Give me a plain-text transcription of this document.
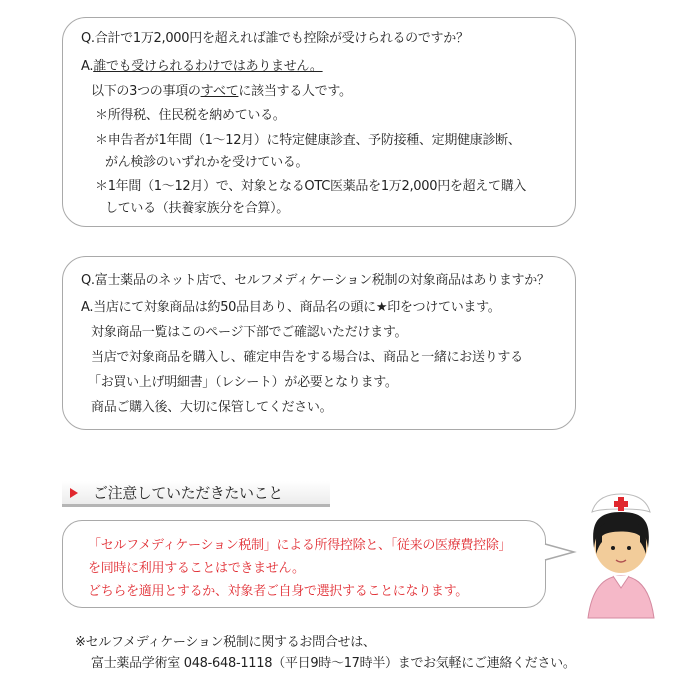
Q.合計で1万2,000円を超えれば誰でも控除が受けられるのですか？
A.誰でも受けられるわけではありません。
以下の3つの事項のすべてに該当する人です。
＊所得税、住民税を納めている。
＊申告者が1年間（1～12月）に特定健康診査、予防接種、定期健康診断、
がん検診のいずれかを受けている。
＊1年間（1～12月）で、対象となるOTC医薬品を1万2,000円を超えて購入
している（扶養家族分を合算）。
Q.富士薬品のネット店で、セルフメディケーション税制の対象商品はありますか？
A.当店にて対象商品は約50品目あり、商品名の頭に★印をつけています。
対象商品一覧はこのページ下部でご確認いただけます。
当店で対象商品を購入し、確定申告をする場合は、商品と一緒にお送りする
「お買い上げ明細書」（レシート）が必要となります。
商品ご購入後、大切に保管してください。
ご注意していただきたいこと
「セルフメディケーション税制」による所得控除と、「従来の医療費控除」
を同時に利用することはできません。
どちらを適用とするか、対象者ご自身で選択することになります。
※セルフメディケーション税制に関するお問合せは、
富士薬品学術室 048-648-1118（平日9時～17時半）までお気軽にご連絡ください。
